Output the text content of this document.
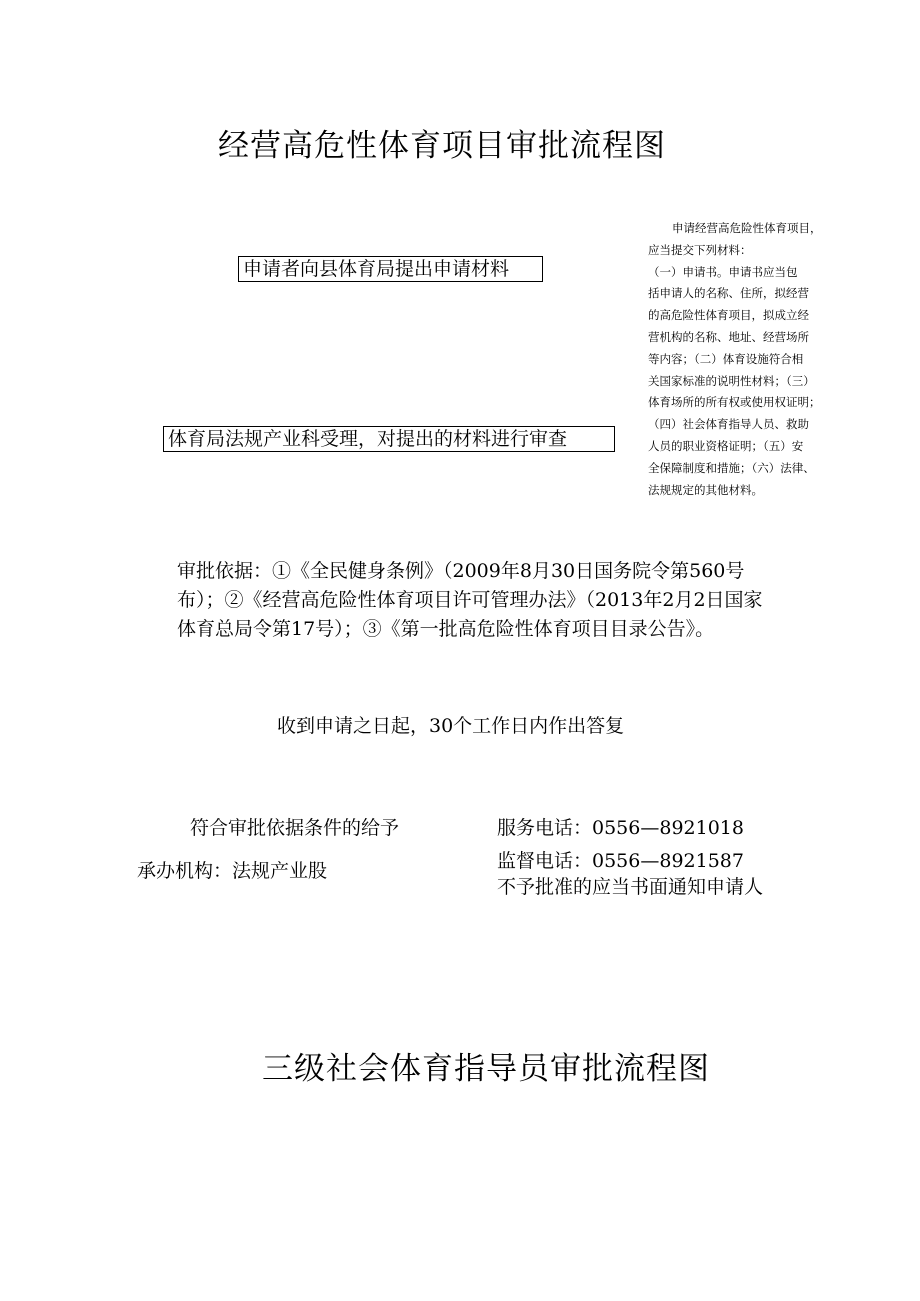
经营高危性体育项目审批流程图
申请者向县体育局提出申请材料
体育局法规产业科受理，对提出的材料进行审查

申请经营高危险性体育项目，

应当提交下列材料：

（一）申请书。申请书应当包

括申请人的名称、住所，拟经营

的高危险性体育项目，拟成立经

营机构的名称、地址、经营场所

等内容；（二）体育设施符合相

关国家标准的说明性材料；（三）

体育场所的所有权或使用权证明；

（四）社会体育指导人员、救助

人员的职业资格证明；（五）安

全保障制度和措施；（六）法律、

法规规定的其他材料。

审批依据：①《全民健身条例》（2009年8月30日国务院令第560号

布）；②《经营高危险性体育项目许可管理办法》（2013年2月2日国家

体育总局令第17号）；③《第一批高危险性体育项目目录公告》。

收到申请之日起，30个工作日内作出答复
符合审批依据条件的给予
承办机构：法规产业股
服务电话：0556—8921018
监督电话：0556—8921587
不予批准的应当书面通知申请人
三级社会体育指导员审批流程图
